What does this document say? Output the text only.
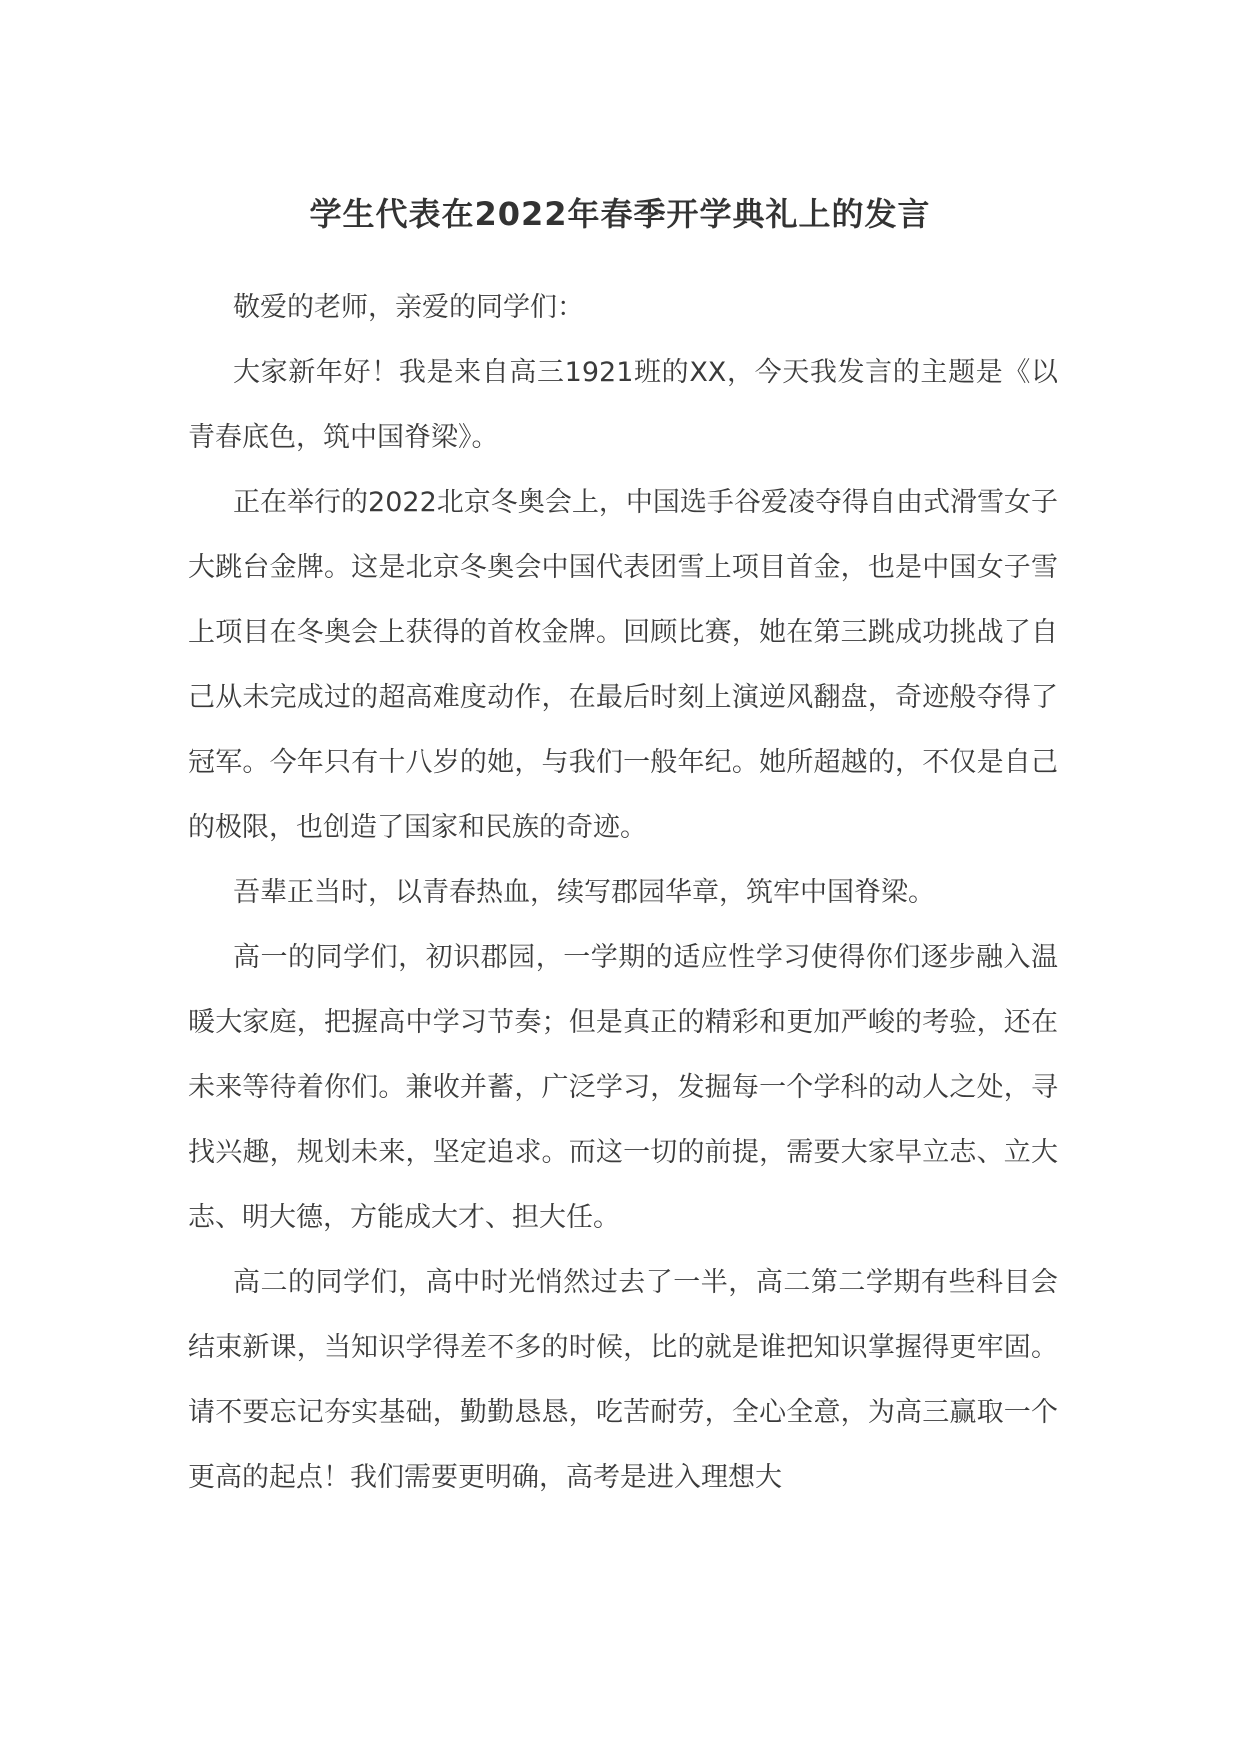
学生代表在2022年春季开学典礼上的发言

敬爱的老师，亲爱的同学们：

大家新年好！我是来自高三1921班的XX，今天我发言的主题是《以青春底色，筑中国脊梁》。

正在举行的2022北京冬奥会上，中国选手谷爱凌夺得自由式滑雪女子大跳台金牌。这是北京冬奥会中国代表团雪上项目首金，也是中国女子雪上项目在冬奥会上获得的首枚金牌。回顾比赛，她在第三跳成功挑战了自己从未完成过的超高难度动作，在最后时刻上演逆风翻盘，奇迹般夺得了冠军。今年只有十八岁的她，与我们一般年纪。她所超越的，不仅是自己的极限，也创造了国家和民族的奇迹。

吾辈正当时，以青春热血，续写郡园华章，筑牢中国脊梁。

高一的同学们，初识郡园，一学期的适应性学习使得你们逐步融入温暖大家庭，把握高中学习节奏；但是真正的精彩和更加严峻的考验，还在未来等待着你们。兼收并蓄，广泛学习，发掘每一个学科的动人之处，寻找兴趣，规划未来，坚定追求。而这一切的前提，需要大家早立志、立大志、明大德，方能成大才、担大任。

高二的同学们，高中时光悄然过去了一半，高二第二学期有些科目会结束新课，当知识学得差不多的时候，比的就是谁把知识掌握得更牢固。请不要忘记夯实基础，勤勤恳恳，吃苦耐劳，全心全意，为高三赢取一个更高的起点！我们需要更明确，高考是进入理想大
